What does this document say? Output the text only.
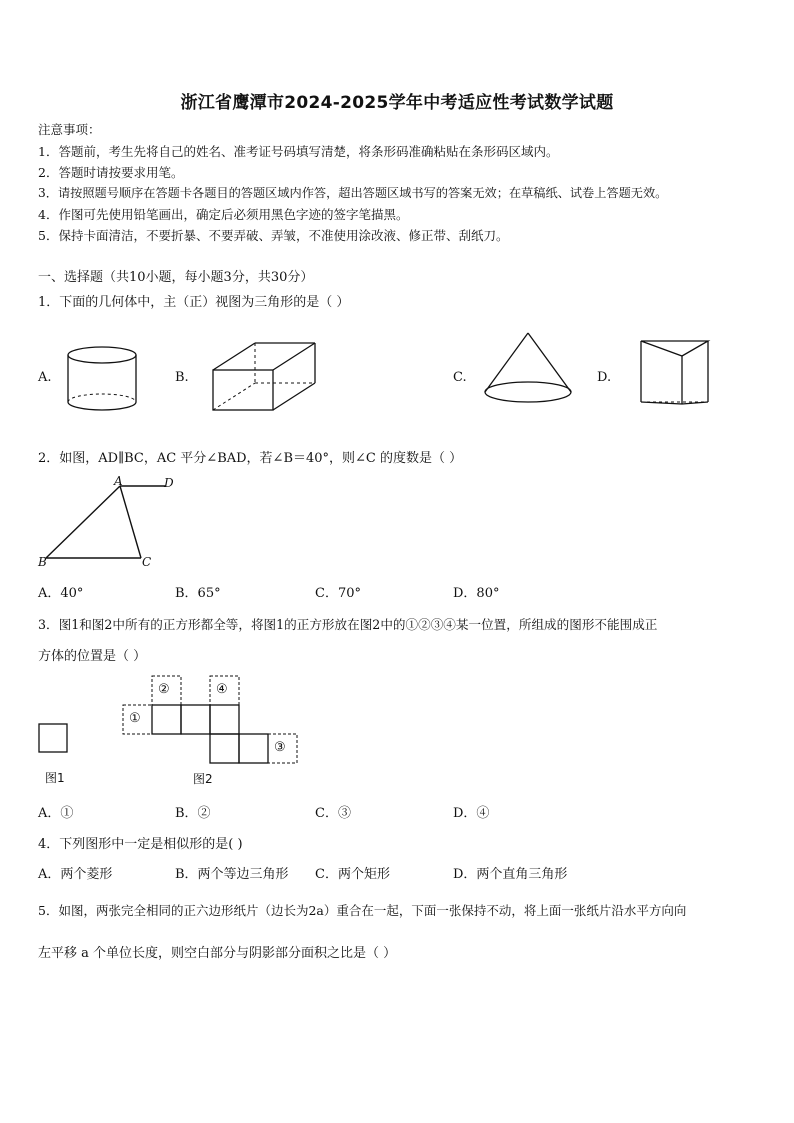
浙江省鹰潭市2024-2025学年中考适应性考试数学试题
注意事项：
1．答题前，考生先将自己的姓名、准考证号码填写清楚，将条形码准确粘贴在条形码区域内。
2．答题时请按要求用笔。
3．请按照题号顺序在答题卡各题目的答题区域内作答，超出答题区域书写的答案无效；在草稿纸、试卷上答题无效。
4．作图可先使用铅笔画出，确定后必须用黑色字迹的签字笔描黑。
5．保持卡面清洁，不要折暴、不要弄破、弄皱，不准使用涂改液、修正带、刮纸刀。
一、选择题（共10小题，每小题3分，共30分）
1．下面的几何体中，主（正）视图为三角形的是（ ）
A.	B.	C.	D.
2．如图，AD∥BC，AC 平分∠BAD，若∠B＝40°，则∠C 的度数是（ ）
A	D
B	C
A．40°	B．65°	C．70°	D．80°
3．图1和图2中所有的正方形都全等，将图1的正方形放在图2中的①②③④某一位置，所组成的图形不能围成正
方体的位置是（ ）
图1
①
②
③
④
图2
A．①	B．②	C．③	D．④
4．下列图形中一定是相似形的是( )
A．两个菱形	B．两个等边三角形 C．两个矩形	D．两个直角三角形
5．如图，两张完全相同的正六边形纸片（边长为2a）重合在一起，下面一张保持不动，将上面一张纸片沿水平方向向
左平移 a 个单位长度，则空白部分与阴影部分面积之比是（ ）
